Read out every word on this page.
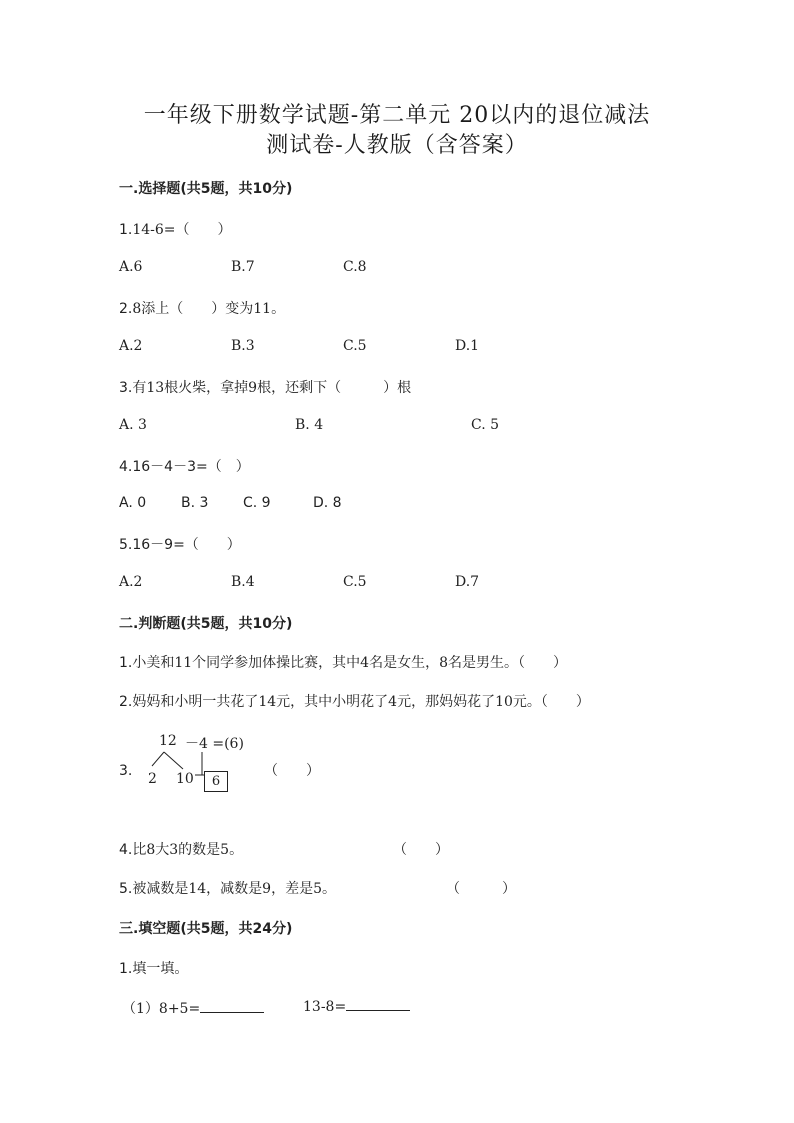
一年级下册数学试题-第二单元 20以内的退位减法
测试卷-人教版（含答案）
一.选择题(共5题，共10分)
1.14-6=（　　）
A.6	B.7	C.8
2.8添上（　　）变为11。
A.2	B.3	C.5	D.1
3.有13根火柴，拿掉9根，还剩下（　　　）根
A. 3	B. 4	C. 5
4.16－4－3=（　）
A. 0 B. 3 C. 9	D. 8
5.16－9=（　　）
A.2	B.4	C.5	D.7
二.判断题(共5题，共10分)
1.小美和11个同学参加体操比赛，其中4名是女生，8名是男生。（　　）
2.妈妈和小明一共花了14元，其中小明花了4元，那妈妈花了10元。（　　）
12 －4 =(6)
3. 2 10	6
（　　）
4.比8大3的数是5。	（　　）
5.被减数是14，减数是9，差是5。	（　　　）
三.填空题(共5题，共24分)
1.填一填。
（1）8+5=	13-8=
